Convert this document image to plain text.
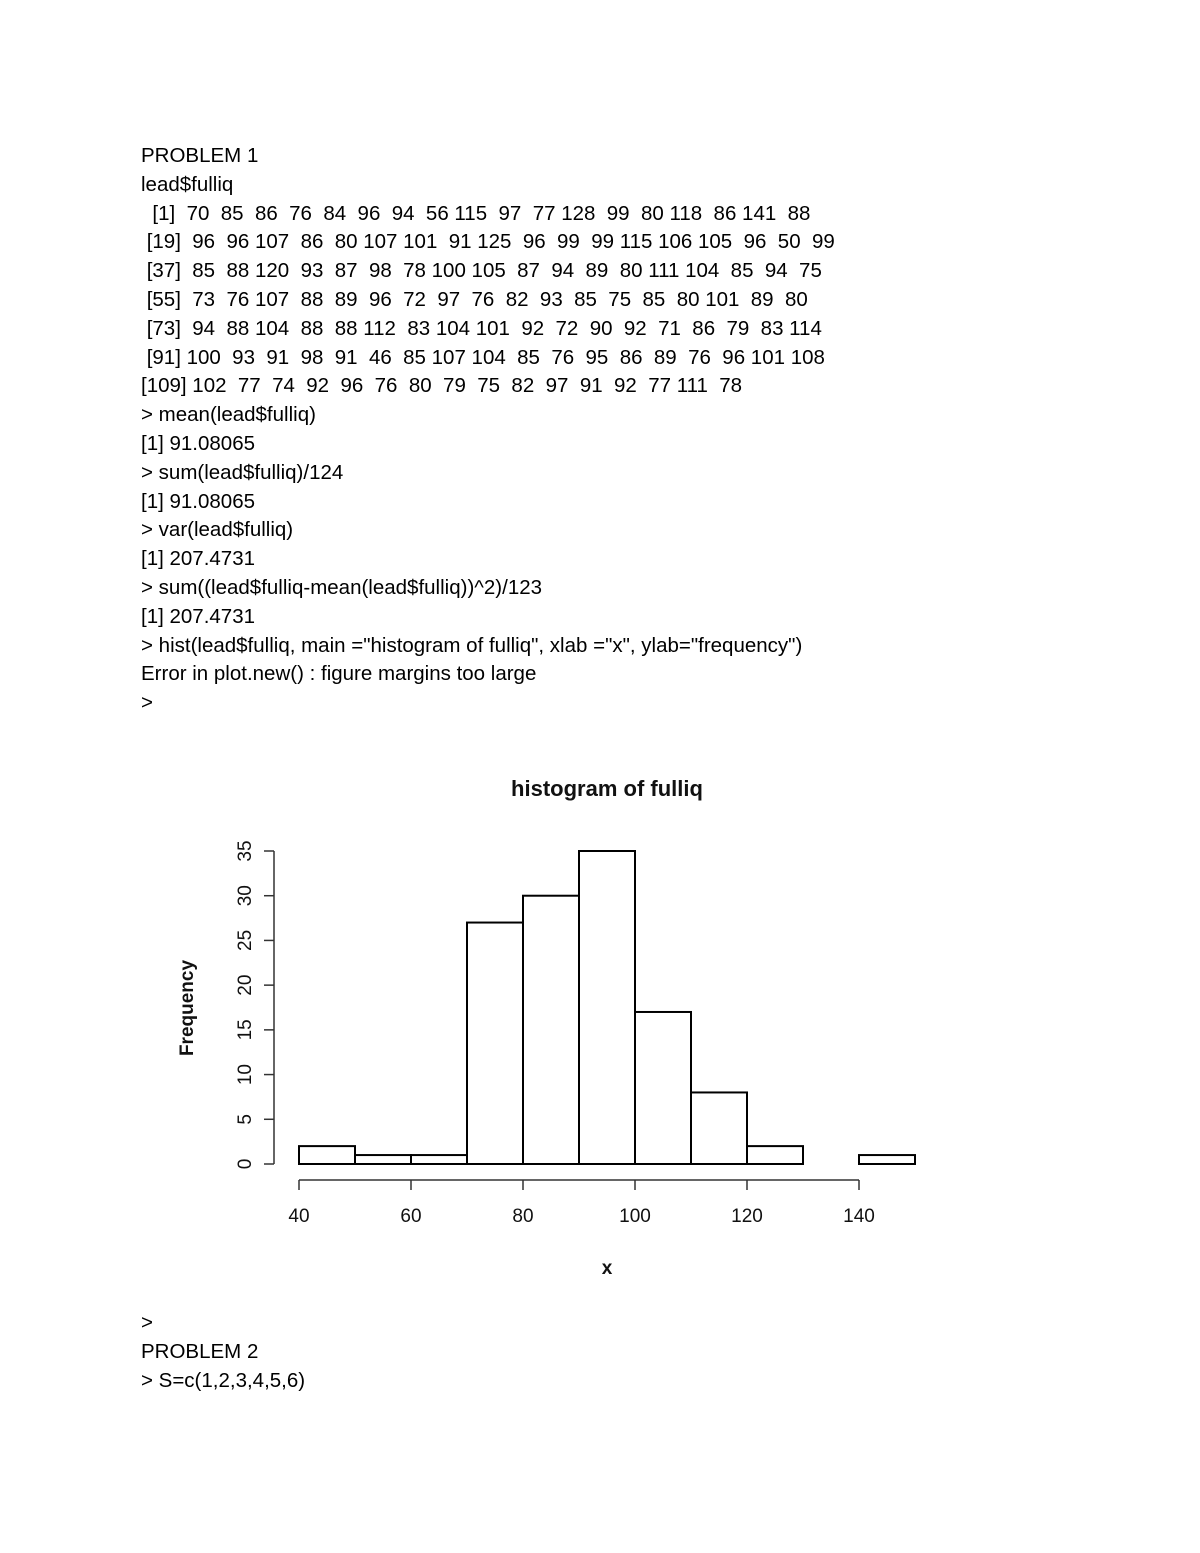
PROBLEM 1
lead$fulliq
[1]  70  85  86  76  84  96  94  56 115  97  77 128  99  80 118  86 141  88
[19]  96  96 107  86  80 107 101  91 125  96  99  99 115 106 105  96  50  99
[37]  85  88 120  93  87  98  78 100 105  87  94  89  80 111 104  85  94  75
[55]  73  76 107  88  89  96  72  97  76  82  93  85  75  85  80 101  89  80
[73]  94  88 104  88  88 112  83 104 101  92  72  90  92  71  86  79  83 114
[91] 100  93  91  98  91  46  85 107 104  85  76  95  86  89  76  96 101 108
[109] 102  77  74  92  96  76  80  79  75  82  97  91  92  77 111  78
> mean(lead$fulliq)
[1] 91.08065
> sum(lead$fulliq)/124
[1] 91.08065
> var(lead$fulliq)
[1] 207.4731
> sum((lead$fulliq-mean(lead$fulliq))^2)/123
[1] 207.4731
> hist(lead$fulliq, main ="histogram of fulliq", xlab ="x", ylab="frequency")
Error in plot.new() : figure margins too large
>
histogram of fulliq
40	60	80	100	120	140
0
5
10
15
20
25
30
35
x
Frequency
>
PROBLEM 2
> S=c(1,2,3,4,5,6)
